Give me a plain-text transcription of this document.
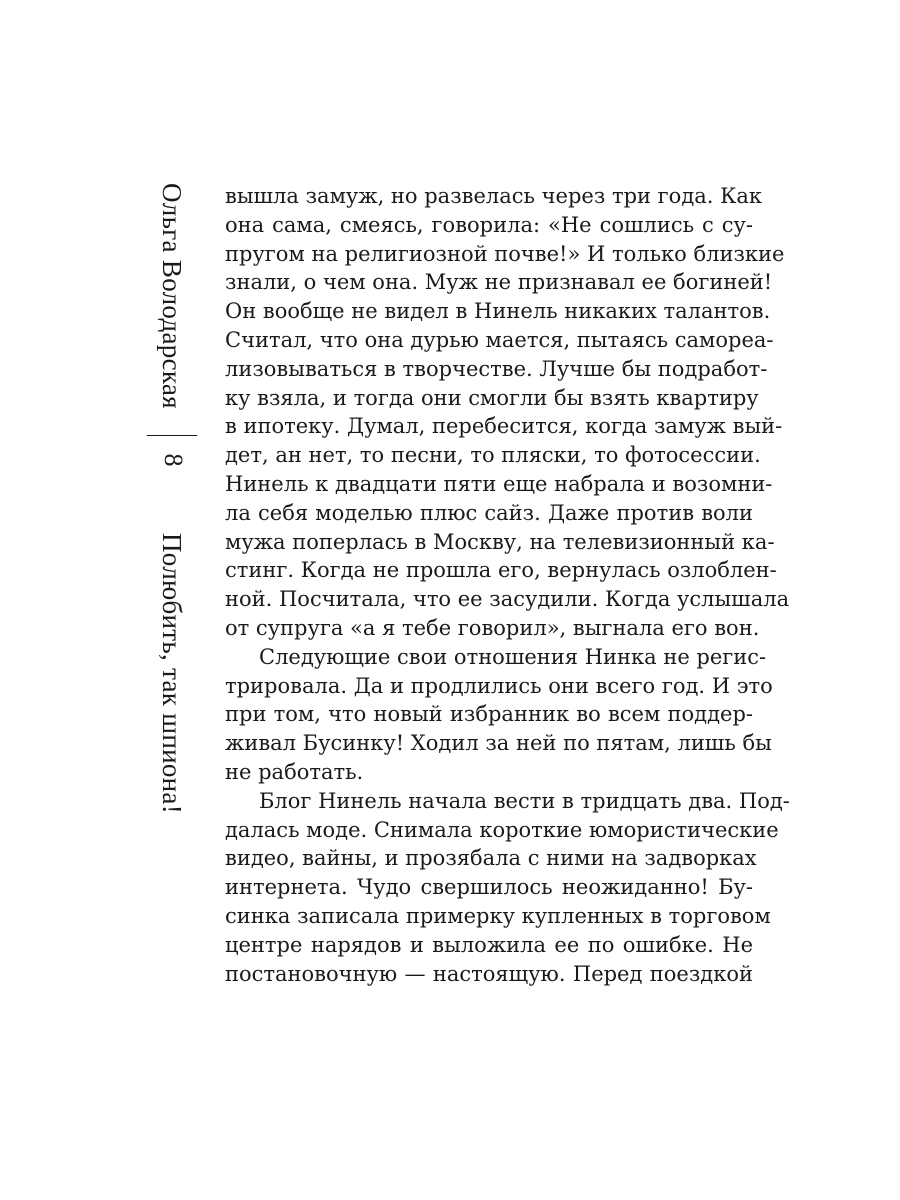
Ольга Володарская
8
Полюбить, так шпиона!
вышла замуж, но развелась через три года. Как
она сама, смеясь, говорила: «Не сошлись с су-
пругом на религиозной почве!» И только близкие
знали, о чем она. Муж не признавал ее богиней!
Он вообще не видел в Нинель никаких талантов.
Считал, что она дурью мается, пытаясь самореа-
лизовываться в творчестве. Лучше бы подработ-
ку взяла, и тогда они смогли бы взять квартиру
в ипотеку. Думал, перебесится, когда замуж вый-
дет, ан нет, то песни, то пляски, то фотосессии.
Нинель к двадцати пяти еще набрала и возомни-
ла себя моделью плюс сайз. Даже против воли
мужа поперлась в Москву, на телевизионный ка-
стинг. Когда не прошла его, вернулась озлоблен-
ной. Посчитала, что ее засудили. Когда услышала
от супруга «а я тебе говорил», выгнала его вон.
Следующие свои отношения Нинка не регис-
трировала. Да и продлились они всего год. И это
при том, что новый избранник во всем поддер-
живал Бусинку! Ходил за ней по пятам, лишь бы
не работать.
Блог Нинель начала вести в тридцать два. Под-
далась моде. Снимала короткие юмористические
видео, вайны, и прозябала с ними на задворках
интернета. Чудо свершилось неожиданно! Бу-
синка записала примерку купленных в торговом
центре нарядов и выложила ее по ошибке. Не
постановочную — настоящую. Перед поездкой
